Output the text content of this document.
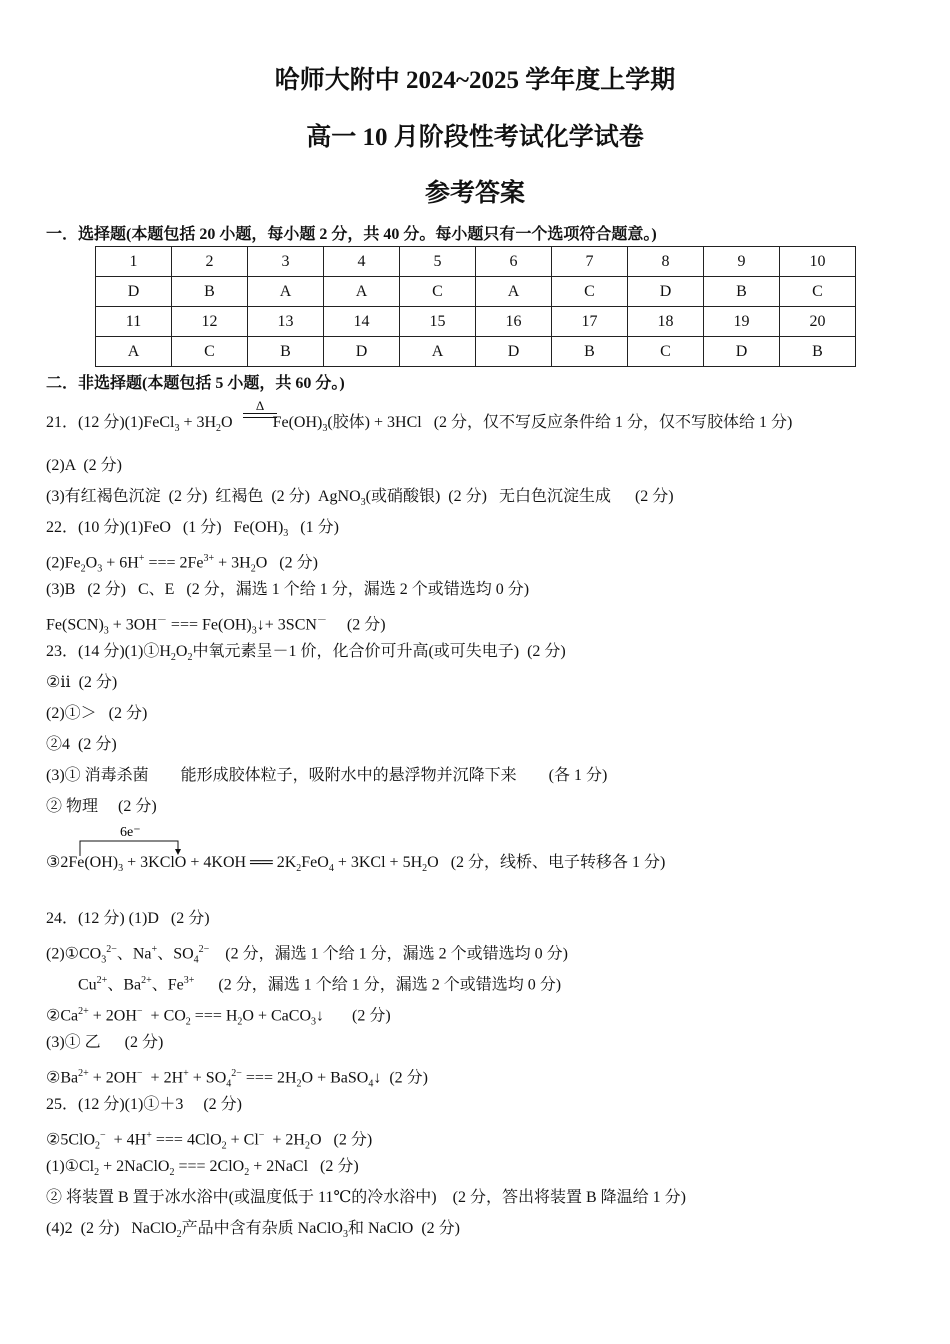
哈师大附中 2024~2025 学年度上学期
高一 10 月阶段性考试化学试卷
参考答案
一．选择题(本题包括 20 小题，每小题 2 分，共 40 分。每小题只有一个选项符合题意。)
1	2	3	4	5	6	7	8	9	10
D	B	A	A	C	A	C	D	B	C
11	12	13	14	15	16	17	18	19	20
A	C	B	D	A	D	B	C	D	B
二．非选择题(本题包括 5 小题，共 60 分。)
21．(12 分)(1)FeCl$_3$ + $3H_2O$	$Fe(OH)_3$(胶体) + 3HCl   (2 分，仅不写反应条件给 1 分，仅不写胶体给 1 分)
Δ
(2)A  (2 分)
(3)有红褐色沉淀  (2 分)  红褐色  (2 分)  AgNO$_3$(或硝酸银)  (2 分)   无白色沉淀生成      (2 分)
22．(10 分)(1)FeO   (1 分)   $Fe(OH)_3$   (1 分)
$(2)Fe_2O_3 + 6H^+$ === $2Fe^{3+} + 3H_2O$   (2 分)
(3)B   (2 分)   C、E   (2 分，漏选 1 个给 1 分，漏选 2 个或错选均 0 分)
$Fe(SCN)_3 + 3OH^-$ === $Fe(OH)_3↓+ 3SCN^-$     (2 分)
23．(14 分)$(1)①H_2O_2$中氧元素呈－1 价，化合价可升高(或可失电子)  (2 分)
②ⅱ  (2 分)
(2)①＞   (2 分)
②4  (2 分)
(3)① 消毒杀菌        能形成胶体粒子，吸附水中的悬浮物并沉降下来        (各 1 分)
② 物理     (2 分)
6e⁻
$③2Fe(OH)_3$ + 3KClO + 4KOH ══ $2K_2FeO_4 + 3KCl + 5H_2O$   (2 分，线桥、电子转移各 1 分)
24．(12 分) (1)D   (2 分)
$(2)①CO_3^{2-}$、Na+、$SO_4^{2-}$    (2 分，漏选 1 个给 1 分，漏选 2 个或错选均 0 分)
$Cu^{2+}$、$Ba^{2+}$、$Fe^{3+}$      (2 分，漏选 1 个给 1 分，漏选 2 个或错选均 0 分)
$②Ca^{2+} + 2OH^- + CO_2$ === $H_2O$ + CaCO$_3$↓       (2 分)
(3)① 乙      (2 分)
$②Ba^{2+} + 2OH^- + 2H^+ + SO_4^{2-}$ === $2H_2O$ + BaSO$_4$↓  (2 分)
25．(12 分)(1)①＋3     (2 分)
②5ClO$_2$−  + 4H+ === $4ClO_2 + Cl^- + 2H_2O$   (2 分)
$(1)①Cl_2$ + 2NaClO$_2$ === 2ClO$_2$ + 2NaCl   (2 分)
② 将装置 B 置于冰水浴中(或温度低于 11℃的冷水浴中)    (2 分，答出将装置 B 降温给 1 分)
(4)2  (2 分)   NaClO$_2$产品中含有杂质 NaClO$_3$和 NaClO  (2 分)
